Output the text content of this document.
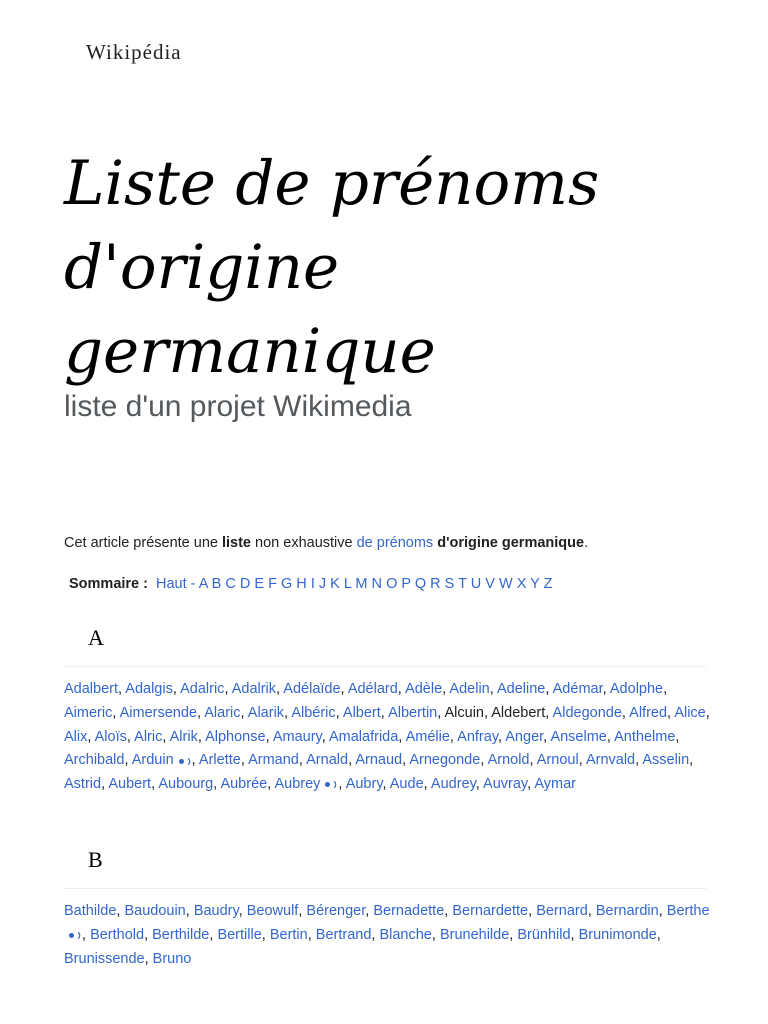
Wikipédia
Liste de prénoms d'origine germanique
liste d'un projet Wikimedia
Cet article présente une liste non exhaustive de prénoms d'origine germanique.
Sommaire : Haut - A B C D E F G H I J K L M N O P Q R S T U V W X Y Z
A
Adalbert, Adalgis, Adalric, Adalrik, Adélaïde, Adélard, Adèle, Adelin, Adeline, Adémar, Adolphe, Aimeric, Aimersende, Alaric, Alarik, Albéric, Albert, Albertin, Alcuin, Aldebert, Aldegonde, Alfred, Alice, Alix, Aloïs, Alric, Alrik, Alphonse, Amaury, Amalafrida, Amélie, Anfray, Anger, Anselme, Anthelme, Archibald, Arduin , Arlette, Armand, Arnald, Arnaud, Arnegonde, Arnold, Arnoul, Arnvald, Asselin, Astrid, Aubert, Aubourg, Aubrée, Aubrey , Aubry, Aude, Audrey, Auvray, Aymar
B
Bathilde, Baudouin, Baudry, Beowulf, Bérenger, Bernadette, Bernardette, Bernard, Bernardin, Berthe, Berthold, Berthilde, Bertille, Bertin, Bertrand, Blanche, Brunehilde, Brünhild, Brunimonde, Brunissende, Bruno
